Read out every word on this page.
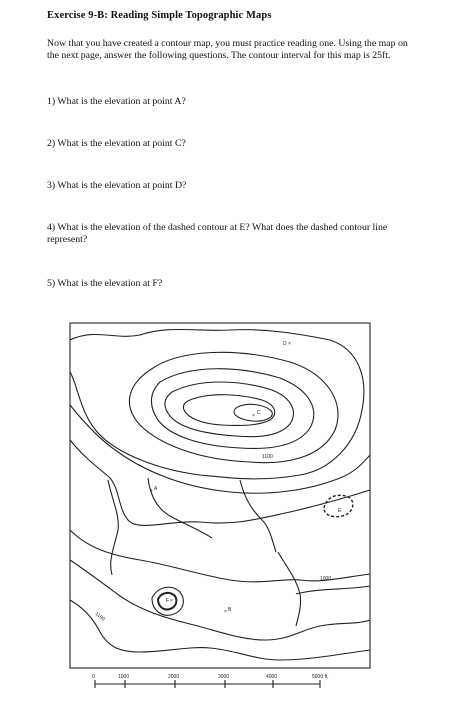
Exercise 9-B: Reading Simple Topographic Maps
Now that you have created a contour map, you must practice reading one. Using the map on the next page, answer the following questions. The contour interval for this map is 25ft.
1) What is the elevation at point A?
2) What is the elevation at point C?
3) What is the elevation at point D?
4) What is the elevation of the dashed contour at E? What does the dashed contour line represent?
5) What is the elevation at F?
+ A
× B
× C
D ×
E
F ×
1100
1000
1100
0	1000	2000	3000	4000	5000 ft.
